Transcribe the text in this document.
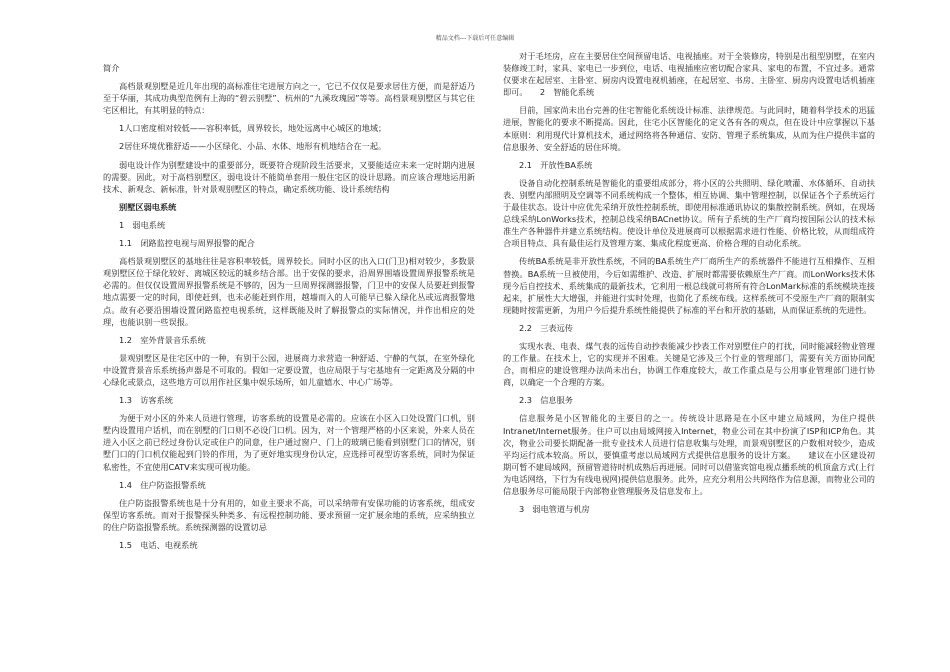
精品文档---下载后可任意编辑

简介

高档景观别墅是近几年出现的高标准住宅进展方向之一，它已不仅仅是要求居住方便，而是舒适乃至于华丽，其成功典型范例有上海的“碧云别墅”、杭州的“九溪玫瑰园”等等。高档景观别墅区与其它住宅区相比，有其明显的特点：

1人口密度相对较低——容积率低，周界较长，地处远离中心城区的地域；

2居住环境优雅舒适——小区绿化、小品、水体、地形有机地结合在一起。

弱电设计作为别墅建设中的重要部分，既要符合现阶段生活要求，又要能适应未来一定时期内进展的需要。因此，对于高档别墅区，弱电设计不能简单套用一般住宅区的设计思路。而应该合理地运用新技术、新观念、新标准，针对景观别墅区的特点，确定系统功能、设计系统结构

别墅区弱电系统

1　弱电系统

1.1　闭路监控电视与周界报警的配合

高档景观别墅区的基地往往是容积率较低，周界较长。同时小区的出入口(门卫)相对较少，多数景观别墅区位于绿化较好、离城区较远的城乡结合部。出于安保的要求，沿周界围墙设置周界报警系统是必需的。但仅仅设置周界报警系统是不够的，因为一旦周界探测器报警，门卫中的安保人员要赶到报警地点需要一定的时间，即使赶到，也未必能赶到作用，越墙而入的人可能早已躲入绿化丛或远离报警地点。故有必要沿围墙设置闭路监控电视系统，这样既能及时了解报警点的实际情况，并作出相应的处理，也能识别一些误报。

1.2　室外背景音乐系统

景观别墅区是住宅区中的一种，有别于公园，进展商力求营造一种舒适、宁静的气氛，在室外绿化中设置背景音乐系统扬声器是不可取的。假如一定要设置，也应局限于与宅基地有一定距离及分隔的中心绿化或景点，这些地方可以用作社区集中娱乐场所，如儿童嬉水、中心广场等。

1.3　访客系统

为便于对小区的外来人员进行管理，访客系统的设置是必需的。应该在小区入口处设置门口机，别墅内设置用户话机，而在别墅的门口则不必设门口机。因为，对一个管理严格的小区来说，外来人员在进入小区之前已经过身份认定或住户的同意，住户通过窗户、门上的玻璃已能看到别墅门口的情况，别墅门口的门口机仅能起到门铃的作用，为了更好地实现身份认定，应选择可视型访客系统，同时为保证私密性，不宜使用CATV来实现可视功能。

1.4　住户防盗报警系统

住户防盗报警系统也是十分有用的，如业主要求不高，可以采纳带有安保功能的访客系统，组成安保型访客系统。而对于报警探头种类多、有远程控制功能、要求预留一定扩展余地的系统，应采纳独立的住户防盗报警系统。系统探测器的设置切忌

1.5　电话、电视系统

对于毛坯房，应在主要居住空间预留电话、电视插座。对于全装修房，特别是出租型别墅，在室内装修竣工时，家具、家电已一步到位，电话、电视插座应密切配合家具、家电的布置，不宜过多。通常仅要求在起居室、主卧室、厨房内设置电视机插座，在起居室、书房、主卧室、厨房内设置电话机插座即可。　　2　智能化系统

目前，国家尚未出台完善的住宅智能化系统设计标准、法律规范。与此同时，随着科学技术的迅猛进展，智能化的要求不断提高。因此，住宅小区智能化的定义各有各的观点，但在设计中应掌握以下基本原则：利用现代计算机技术，通过网络将各种通信、安防、管理子系统集成，从而为住户提供丰富的信息服务、安全舒适的居住环境。

2.1　开放性BA系统

设备自动化控制系统是智能化的重要组成部分，将小区的公共照明、绿化喷灌、水体循环、自动扶表、别墅内部照明及空调等不同系统构成一个整体，相互协调、集中管理控制，以保证各个子系统运行于最佳状态。设计中应优先采纳开放性控制系统，即使用标准通讯协议的集散控制系统。例如，在现场总线采纳LonWorks技术，控制总线采纳BACnet协议。所有子系统的生产厂商均按国际公认的技术标准生产各种器件并建立系统结构。使设计单位及进展商可以根据需求进行性能、价格比较，从而组成符合项目特点、具有最佳运行及管理方案、集成化程度更高、价格合理的自动化系统。

传统BA系统是非开放性系统，不同的BA系统生产厂商所生产的系统器件不能进行互相操作、互相替换。BA系统一旦被使用，今后如需维护、改造、扩展时都需要依赖原生产厂商。而LonWorks技术体现今后自控技术、系统集成的最新技术，它利用一根总线就可将所有符合LonMark标准的系统模块连接起来，扩展性大大增强，并能进行实时处理，也简化了系统布线。这样系统可不受原生产厂商的限制实现随时按需更新，为用户今后提升系统性能提供了标准的平台和开放的基础，从而保证系统的先进性。

2.2　三表远传

实现水表、电表、煤气表的远传自动抄表能减少抄表工作对别墅住户的打扰，同时能减轻物业管理的工作量。在技术上，它的实现并不困难。关键是它涉及三个行业的管理部门，需要有关方面协同配合，而相应的建设管理办法尚未出台，协调工作难度较大，故工作重点是与公用事业管理部门进行协商，以确定一个合理的方案。

2.3　信息服务

信息服务是小区智能化的主要目的之一。传统设计思路是在小区中建立局域网，为住户提供Intranet/Internet服务。住户可以由局域网接入Internet，物业公司在其中扮演了ISP和ICP角色。其次，物业公司要长期配备一批专业技术人员进行信息收集与处理，而景观别墅区的户数相对较少，造成平均运行成本较高。所以，要慎重考虑以局域网方式提供信息服务的设计方案。　　建议在小区建设初期可暂不建局域网，预留管道待时机成熟后再进展。同时可以借鉴宾馆电视点播系统的机顶盒方式(上行为电话网络，下行为有线电视网)提供信息服务。此外，应充分利用公共网络作为信息源，而物业公司的信息服务尽可能局限于内部物业管理服务及信息发布上。

3　弱电管道与机房
